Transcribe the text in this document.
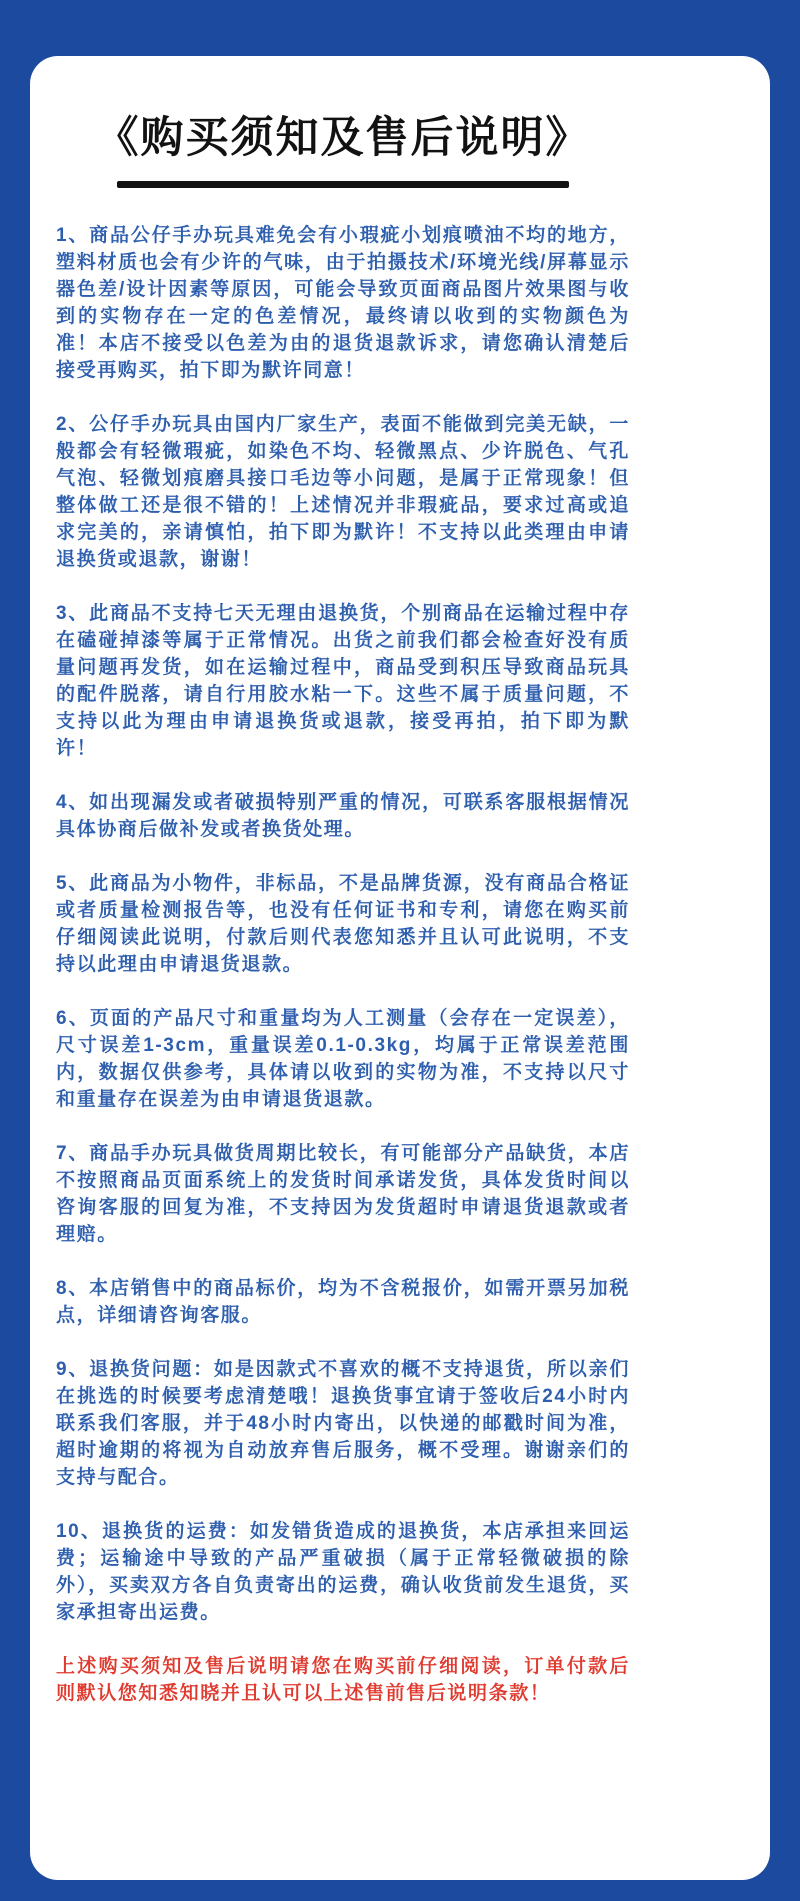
《购买须知及售后说明》

1、商品公仔手办玩具难免会有小瑕疵小划痕喷油不均的地方，塑料材质也会有少许的气味，由于拍摄技术/环境光线/屏幕显示器色差/设计因素等原因，可能会导致页面商品图片效果图与收到的实物存在一定的色差情况，最终请以收到的实物颜色为准！本店不接受以色差为由的退货退款诉求，请您确认清楚后接受再购买，拍下即为默许同意！

2、公仔手办玩具由国内厂家生产，表面不能做到完美无缺，一般都会有轻微瑕疵，如染色不均、轻微黑点、少许脱色、气孔气泡、轻微划痕磨具接口毛边等小问题，是属于正常现象！但整体做工还是很不错的！上述情况并非瑕疵品，要求过高或追求完美的，亲请慎怕，拍下即为默许！不支持以此类理由申请退换货或退款，谢谢！

3、此商品不支持七天无理由退换货，个别商品在运输过程中存在磕碰掉漆等属于正常情况。出货之前我们都会检查好没有质量问题再发货，如在运输过程中，商品受到积压导致商品玩具的配件脱落，请自行用胶水粘一下。这些不属于质量问题，不支持以此为理由申请退换货或退款，接受再拍，拍下即为默许！

4、如出现漏发或者破损特别严重的情况，可联系客服根据情况具体协商后做补发或者换货处理。

5、此商品为小物件，非标品，不是品牌货源，没有商品合格证或者质量检测报告等，也没有任何证书和专利，请您在购买前仔细阅读此说明，付款后则代表您知悉并且认可此说明，不支持以此理由申请退货退款。

6、页面的产品尺寸和重量均为人工测量（会存在一定误差），尺寸误差1-3cm，重量误差0.1-0.3kg，均属于正常误差范围内，数据仅供参考，具体请以收到的实物为准，不支持以尺寸和重量存在误差为由申请退货退款。

7、商品手办玩具做货周期比较长，有可能部分产品缺货，本店不按照商品页面系统上的发货时间承诺发货，具体发货时间以咨询客服的回复为准，不支持因为发货超时申请退货退款或者理赔。

8、本店销售中的商品标价，均为不含税报价，如需开票另加税点，详细请咨询客服。

9、退换货问题：如是因款式不喜欢的概不支持退货，所以亲们在挑选的时候要考虑清楚哦！退换货事宜请于签收后24小时内联系我们客服，并于48小时内寄出，以快递的邮戳时间为准，超时逾期的将视为自动放弃售后服务，概不受理。谢谢亲们的支持与配合。

10、退换货的运费：如发错货造成的退换货，本店承担来回运费；运输途中导致的产品严重破损（属于正常轻微破损的除外），买卖双方各自负责寄出的运费，确认收货前发生退货，买家承担寄出运费。

上述购买须知及售后说明请您在购买前仔细阅读，订单付款后则默认您知悉知晓并且认可以上述售前售后说明条款！
